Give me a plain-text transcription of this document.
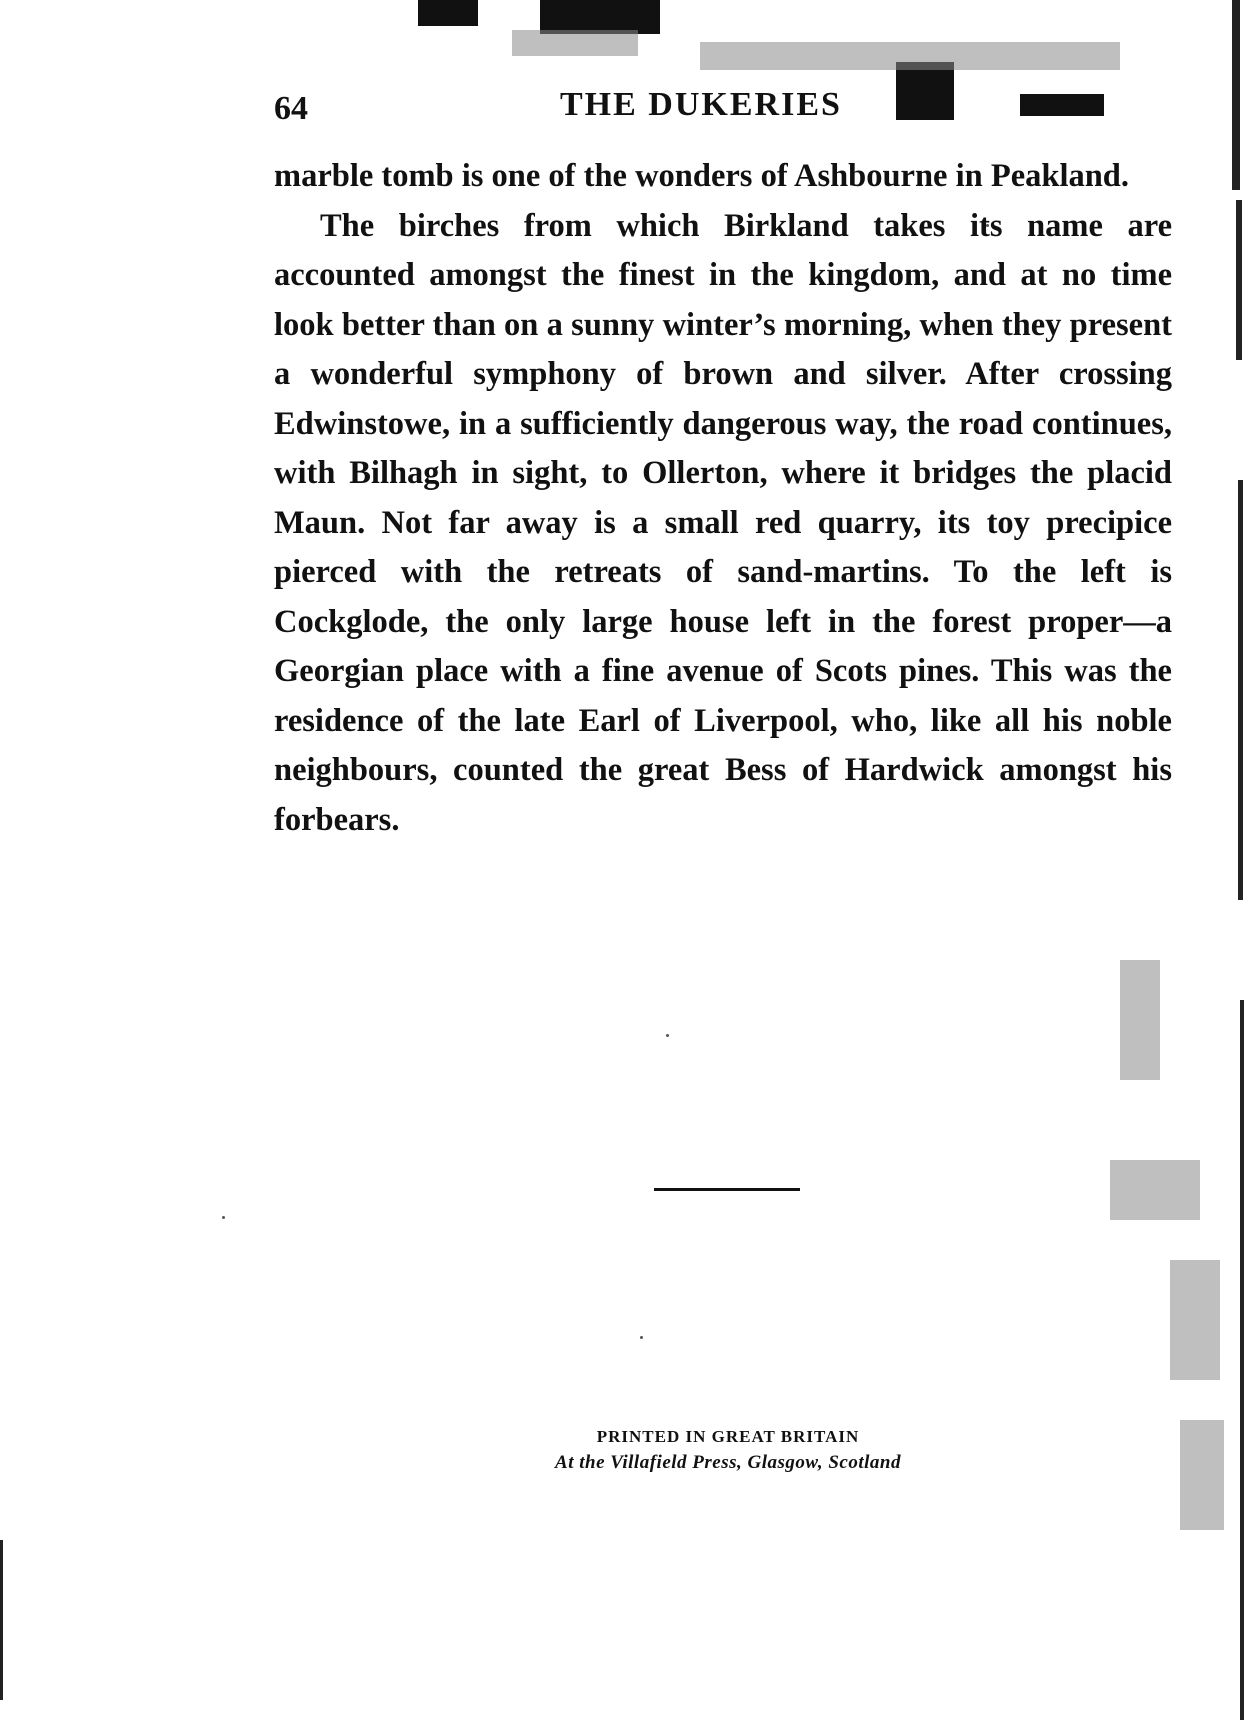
64	THE DUKERIES

marble tomb is one of the wonders of Ashbourne in Peakland.

The birches from which Birkland takes its name are accounted amongst the finest in the kingdom, and at no time look better than on a sunny winter’s morning, when they present a wonderful symphony of brown and silver. After crossing Edwinstowe, in a sufficiently dangerous way, the road continues, with Bilhagh in sight, to Ollerton, where it bridges the placid Maun. Not far away is a small red quarry, its toy precipice pierced with the retreats of sand-martins. To the left is Cockglode, the only large house left in the forest proper—a Georgian place with a fine avenue of Scots pines. This was the residence of the late Earl of Liverpool, who, like all his noble neighbours, counted the great Bess of Hardwick amongst his forbears.

PRINTED IN GREAT BRITAIN
At the Villafield Press, Glasgow, Scotland
